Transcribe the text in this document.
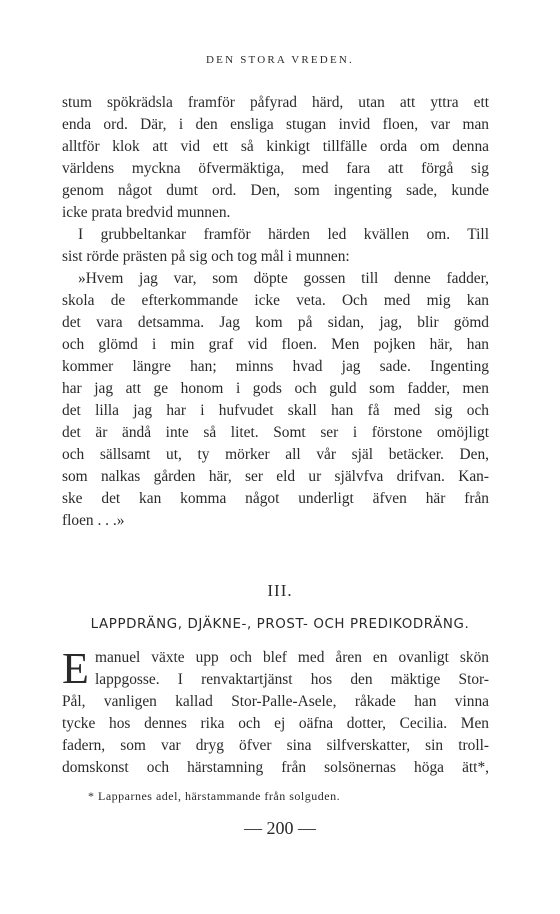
DEN STORA VREDEN.
stum spökrädsla framför påfyrad härd, utan att yttra ett
enda ord. Där, i den ensliga stugan invid floen, var man
alltför klok att vid ett så kinkigt tillfälle orda om denna
världens myckna öfvermäktiga, med fara att förgå sig
genom något dumt ord. Den, som ingenting sade, kunde
icke prata bredvid munnen.
I grubbeltankar framför härden led kvällen om. Till
sist rörde prästen på sig och tog mål i munnen:
»Hvem jag var, som döpte gossen till denne fadder,
skola de efterkommande icke veta. Och med mig kan
det vara detsamma. Jag kom på sidan, jag, blir gömd
och glömd i min graf vid floen. Men pojken här, han
kommer längre han; minns hvad jag sade. Ingenting
har jag att ge honom i gods och guld som fadder, men
det lilla jag har i hufvudet skall han få med sig och
det är ändå inte så litet. Somt ser i förstone omöjligt
och sällsamt ut, ty mörker all vår själ betäcker. Den,
som nalkas gården här, ser eld ur självfva drifvan. Kan-
ske det kan komma något underligt äfven här från
floen . . .»
III.
LAPPDRÄNG, DJÄKNE-, PROST- OCH PREDIKODRÄNG.
E manuel växte upp och blef med åren en ovanligt skön
lappgosse. I renvaktartjänst hos den mäktige Stor-
Pål, vanligen kallad Stor-Palle-Asele, råkade han vinna
tycke hos dennes rika och ej oäfna dotter, Cecilia. Men
fadern, som var dryg öfver sina silfverskatter, sin troll-
domskonst och härstamning från solsönernas höga ätt*,
* Lapparnes adel, härstammande från solguden.
— 200 —
